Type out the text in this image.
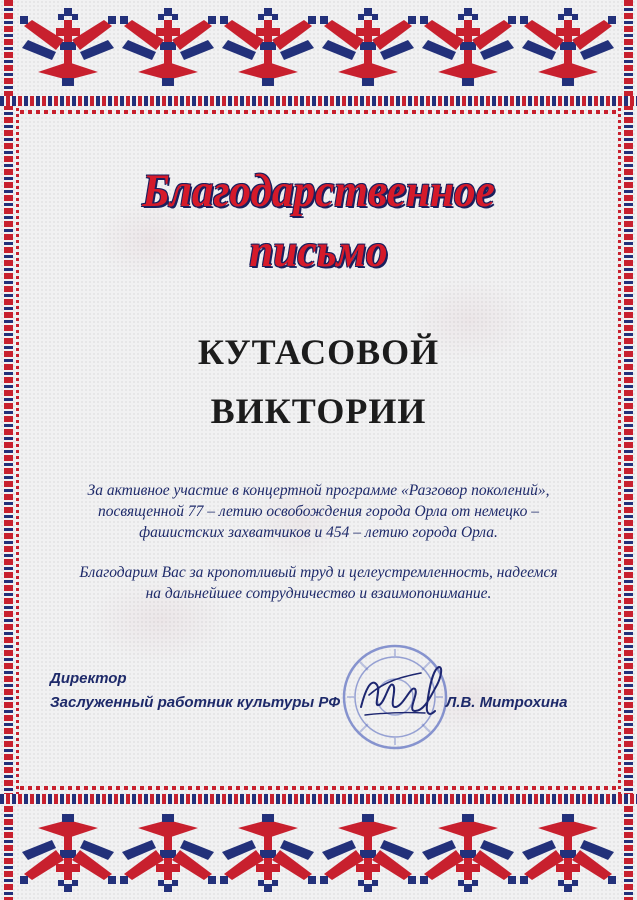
Благодарственное
письмо
КУТАСОВОЙ
ВИКТОРИИ
За активное участие в концертной программе «Разговор поколений», посвященной 77 – летию освобождения города Орла от немецко – фашистских захватчиков и 454 – летию города Орла.
Благодарим Вас за кропотливый труд и целеустремленность, надеемся на дальнейшее сотрудничество и взаимопонимание.
Директор
Заслуженный работник культуры РФ	Л.В. Митрохина
